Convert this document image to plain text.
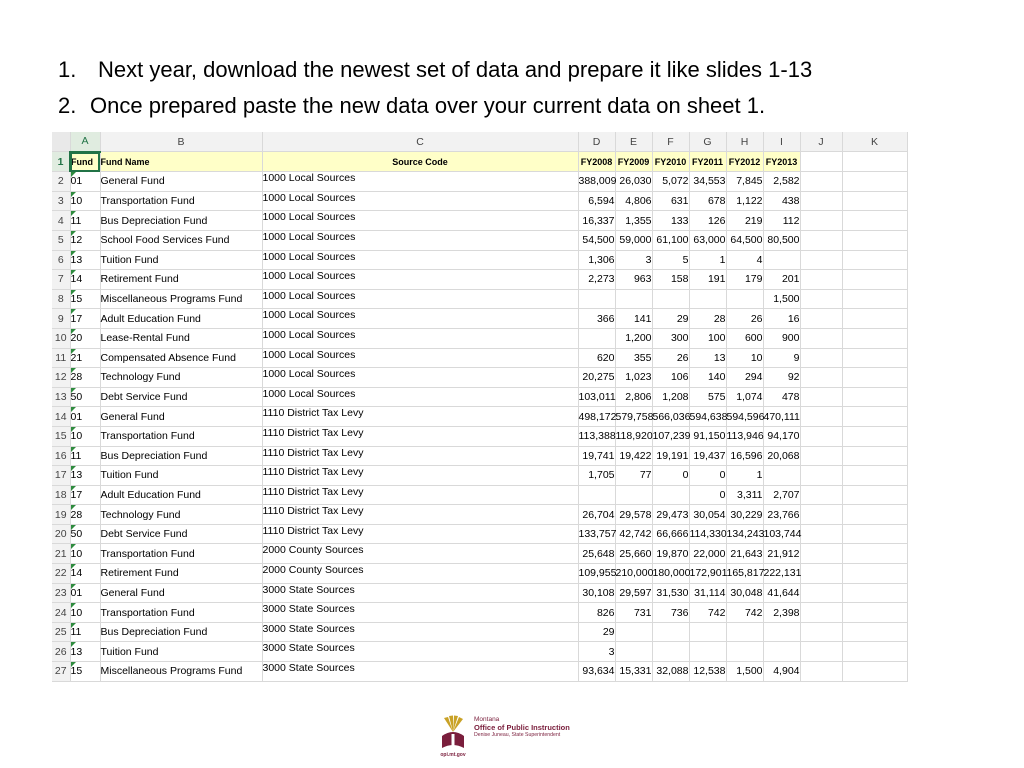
1. Next year, download the newest set of data and prepare it like slides 1-13
2. Once prepared paste the new data over your current data on sheet 1.
	A	B	C	D	E	F	G	H	I	J	K
1	Fund	Fund Name	Source Code	FY2008	FY2009	FY2010	FY2011	FY2012	FY2013		
2	01	General Fund	1000 Local Sources	388,009	26,030	5,072	34,553	7,845	2,582		
3	10	Transportation Fund	1000 Local Sources	6,594	4,806	631	678	1,122	438		
4	11	Bus Depreciation Fund	1000 Local Sources	16,337	1,355	133	126	219	112		
5	12	School Food Services Fund	1000 Local Sources	54,500	59,000	61,100	63,000	64,500	80,500		
6	13	Tuition Fund	1000 Local Sources	1,306	3	5	1	4			
7	14	Retirement Fund	1000 Local Sources	2,273	963	158	191	179	201		
8	15	Miscellaneous Programs Fund	1000 Local Sources						1,500		
9	17	Adult Education Fund	1000 Local Sources	366	141	29	28	26	16		
10	20	Lease-Rental Fund	1000 Local Sources		1,200	300	100	600	900		
11	21	Compensated Absence Fund	1000 Local Sources	620	355	26	13	10	9		
12	28	Technology Fund	1000 Local Sources	20,275	1,023	106	140	294	92		
13	50	Debt Service Fund	1000 Local Sources	103,011	2,806	1,208	575	1,074	478		
14	01	General Fund	1110 District Tax Levy	498,172	579,758	566,036	594,638	594,596	470,111		
15	10	Transportation Fund	1110 District Tax Levy	113,388	118,920	107,239	91,150	113,946	94,170		
16	11	Bus Depreciation Fund	1110 District Tax Levy	19,741	19,422	19,191	19,437	16,596	20,068		
17	13	Tuition Fund	1110 District Tax Levy	1,705	77	0	0	1			
18	17	Adult Education Fund	1110 District Tax Levy				0	3,311	2,707		
19	28	Technology Fund	1110 District Tax Levy	26,704	29,578	29,473	30,054	30,229	23,766		
20	50	Debt Service Fund	1110 District Tax Levy	133,757	42,742	66,666	114,330	134,243	103,744		
21	10	Transportation Fund	2000 County Sources	25,648	25,660	19,870	22,000	21,643	21,912		
22	14	Retirement Fund	2000 County Sources	109,955	210,000	180,000	172,901	165,817	222,131		
23	01	General Fund	3000 State Sources	30,108	29,597	31,530	31,114	30,048	41,644		
24	10	Transportation Fund	3000 State Sources	826	731	736	742	742	2,398		
25	11	Bus Depreciation Fund	3000 State Sources	29							
26	13	Tuition Fund	3000 State Sources	3							
27	15	Miscellaneous Programs Fund	3000 State Sources	93,634	15,331	32,088	12,538	1,500	4,904		
opi.mt.gov
Montana
Office of Public Instruction
Denise Juneau, State Superintendent
